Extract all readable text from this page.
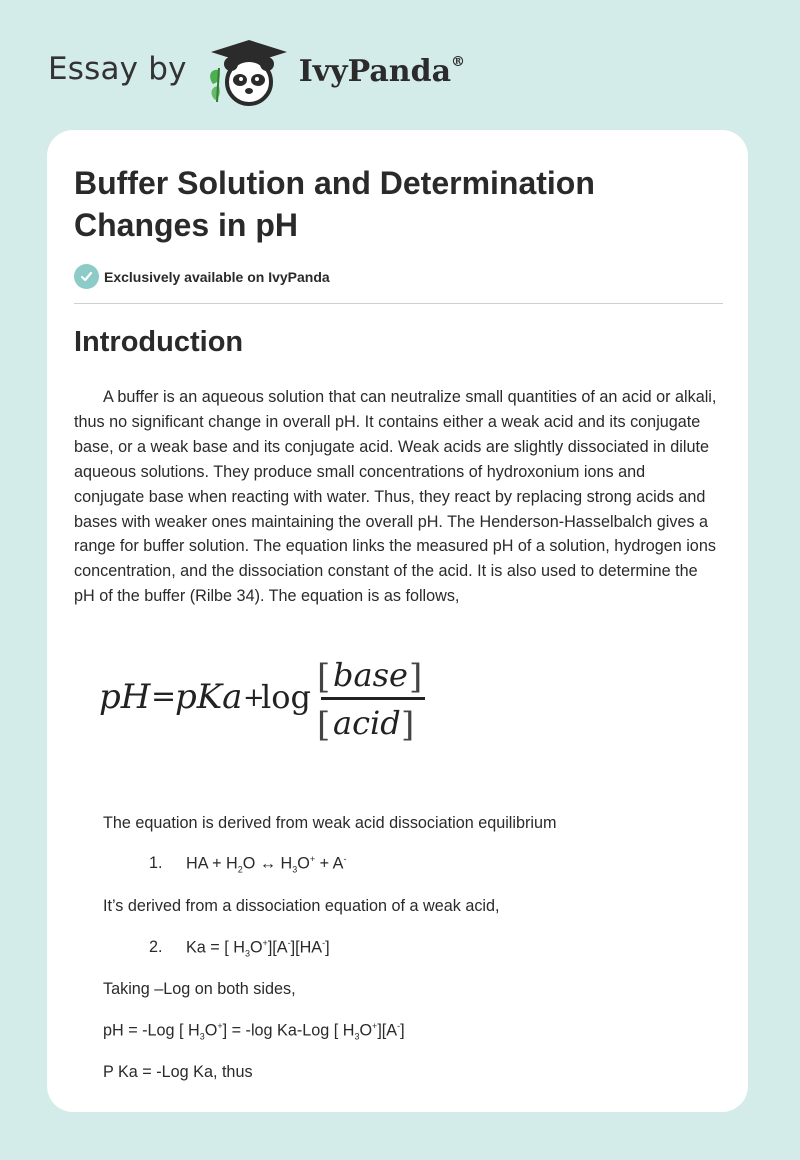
Essay by	IvyPanda®
Buffer Solution and Determination Changes in pH
Exclusively available on IvyPanda
Introduction

A buffer is an aqueous solution that can neutralize small quantities of an acid or alkali, thus no significant change in overall pH. It contains either a weak acid and its conjugate base, or a weak base and its conjugate acid. Weak acids are slightly dissociated in dilute aqueous solutions. They produce small concentrations of hydroxonium ions and conjugate base when reacting with water. Thus, they react by replacing strong acids and bases with weaker ones maintaining the overall pH. The Henderson-Hasselbalch gives a range for buffer solution. The equation links the measured pH of a solution, hydrogen ions concentration, and the dissociation constant of the acid. It is also used to determine the pH of the buffer (Rilbe 34). The equation is as follows,

pH =
pKa +
log [ base ]
[ acid ]
The equation is derived from weak acid dissociation equilibrium
1. HA + $H_2O$ ↔ $H_3O^+ + A^-$
It’s derived from a dissociation equation of a weak acid,
2. Ka = [ $H_3O^+][A^-][HA^-]$
Taking –Log on both sides,
pH = -Log [ $H_3O^+] = -\log$ Ka-Log [ $H_3O^+][A^-]$
P Ka = -Log Ka, thus
